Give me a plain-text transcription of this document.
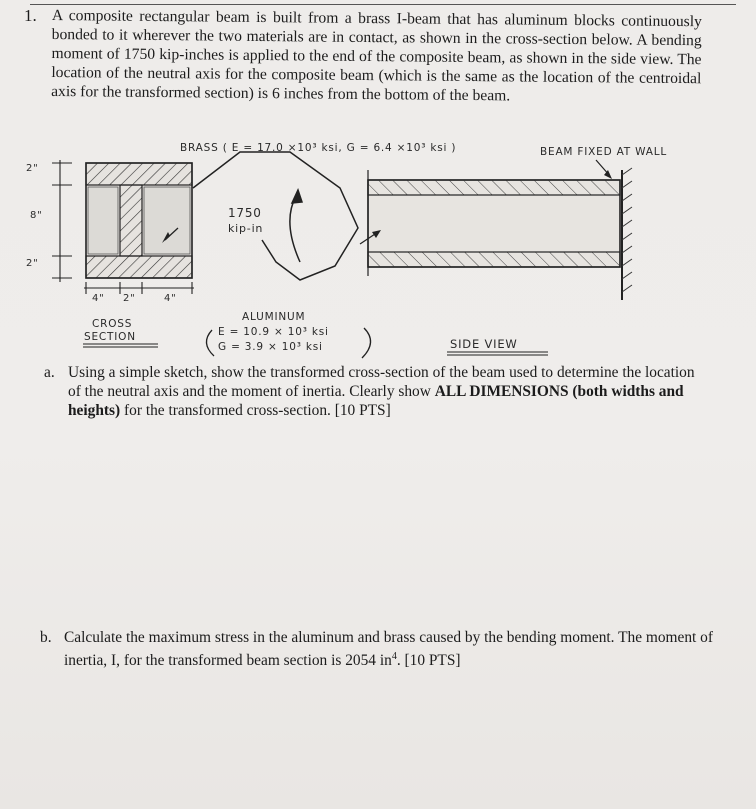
1. A composite rectangular beam is built from a brass I-beam that has aluminum blocks continuously bonded to it wherever the two materials are in contact, as shown in the cross-section below. A bending moment of 1750 kip-inches is applied to the end of the composite beam, as shown in the side view. The location of the neutral axis for the composite beam (which is the same as the location of the centroidal axis for the transformed section) is 6 inches from the bottom of the beam.
BRASS ( E = 17.0 ×10³ ksi, G = 6.4 ×10³ ksi )	BEAM FIXED AT WALL
1750
kip-in
2"
8"
2"
4" 2"	4"
CROSS
SECTION
ALUMINUM
E = 10.9 × 10³ ksi
G = 3.9 × 10³ ksi	SIDE VIEW
a. Using a simple sketch, show the transformed cross-section of the beam used to determine the location of the neutral axis and the moment of inertia. Clearly show ALL DIMENSIONS (both widths and heights) for the transformed cross-section. [10 PTS]
b. Calculate the maximum stress in the aluminum and brass caused by the bending moment. The moment of inertia, I, for the transformed beam section is 2054 $in^4$. [10 PTS]
